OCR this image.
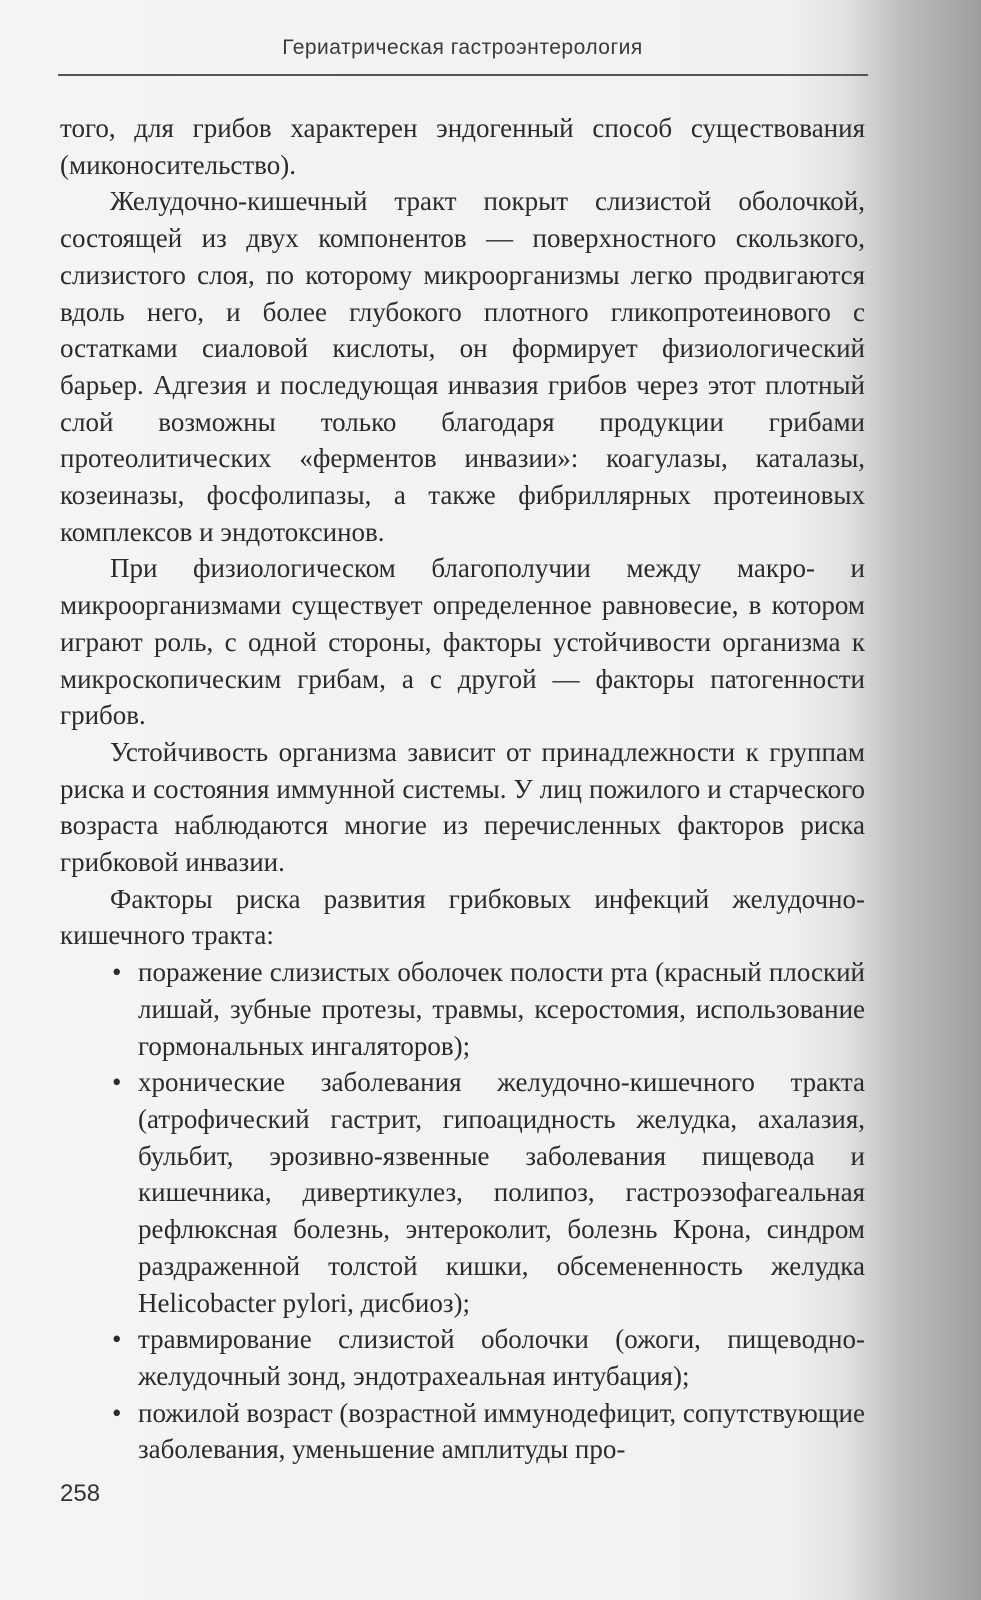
Гериатрическая гастроэнтерология

того, для грибов характерен эндогенный способ существования (миконосительство).

Желудочно-кишечный тракт покрыт слизистой оболочкой, состоящей из двух компонентов — поверхностного скользкого, слизистого слоя, по которому микроорганизмы легко продвигаются вдоль него, и более глубокого плотного гликопротеинового с остатками сиаловой кислоты, он формирует физиологический барьер. Адгезия и последующая инвазия грибов через этот плотный слой возможны только благодаря продукции грибами протеолитических «ферментов инвазии»: коагулазы, каталазы, козеиназы, фосфолипазы, а также фибриллярных протеиновых комплексов и эндотоксинов.

При физиологическом благополучии между макро- и микроорганизмами существует определенное равновесие, в котором играют роль, с одной стороны, факторы устойчивости организма к микроскопическим грибам, а с другой — факторы патогенности грибов.

Устойчивость организма зависит от принадлежности к группам риска и состояния иммунной системы. У лиц пожилого и старческого возраста наблюдаются многие из перечисленных факторов риска грибковой инвазии.

Факторы риска развития грибковых инфекций желудочно-кишечного тракта:

• поражение слизистых оболочек полости рта (красный плоский лишай, зубные протезы, травмы, ксеростомия, использование гормональных ингаляторов);
• хронические заболевания желудочно-кишечного тракта (атрофический гастрит, гипоацидность желудка, ахалазия, бульбит, эрозивно-язвенные заболевания пищевода и кишечника, дивертикулез, полипоз, гастроэзофагеальная рефлюксная болезнь, энтероколит, болезнь Крона, синдром раздраженной толстой кишки, обсемененность желудка Helicobacter pylori, дисбиоз);
• травмирование слизистой оболочки (ожоги, пищеводно-желудочный зонд, эндотрахеальная интубация);
• пожилой возраст (возрастной иммунодефицит, сопутствующие заболевания, уменьшение амплитуды про-
258
